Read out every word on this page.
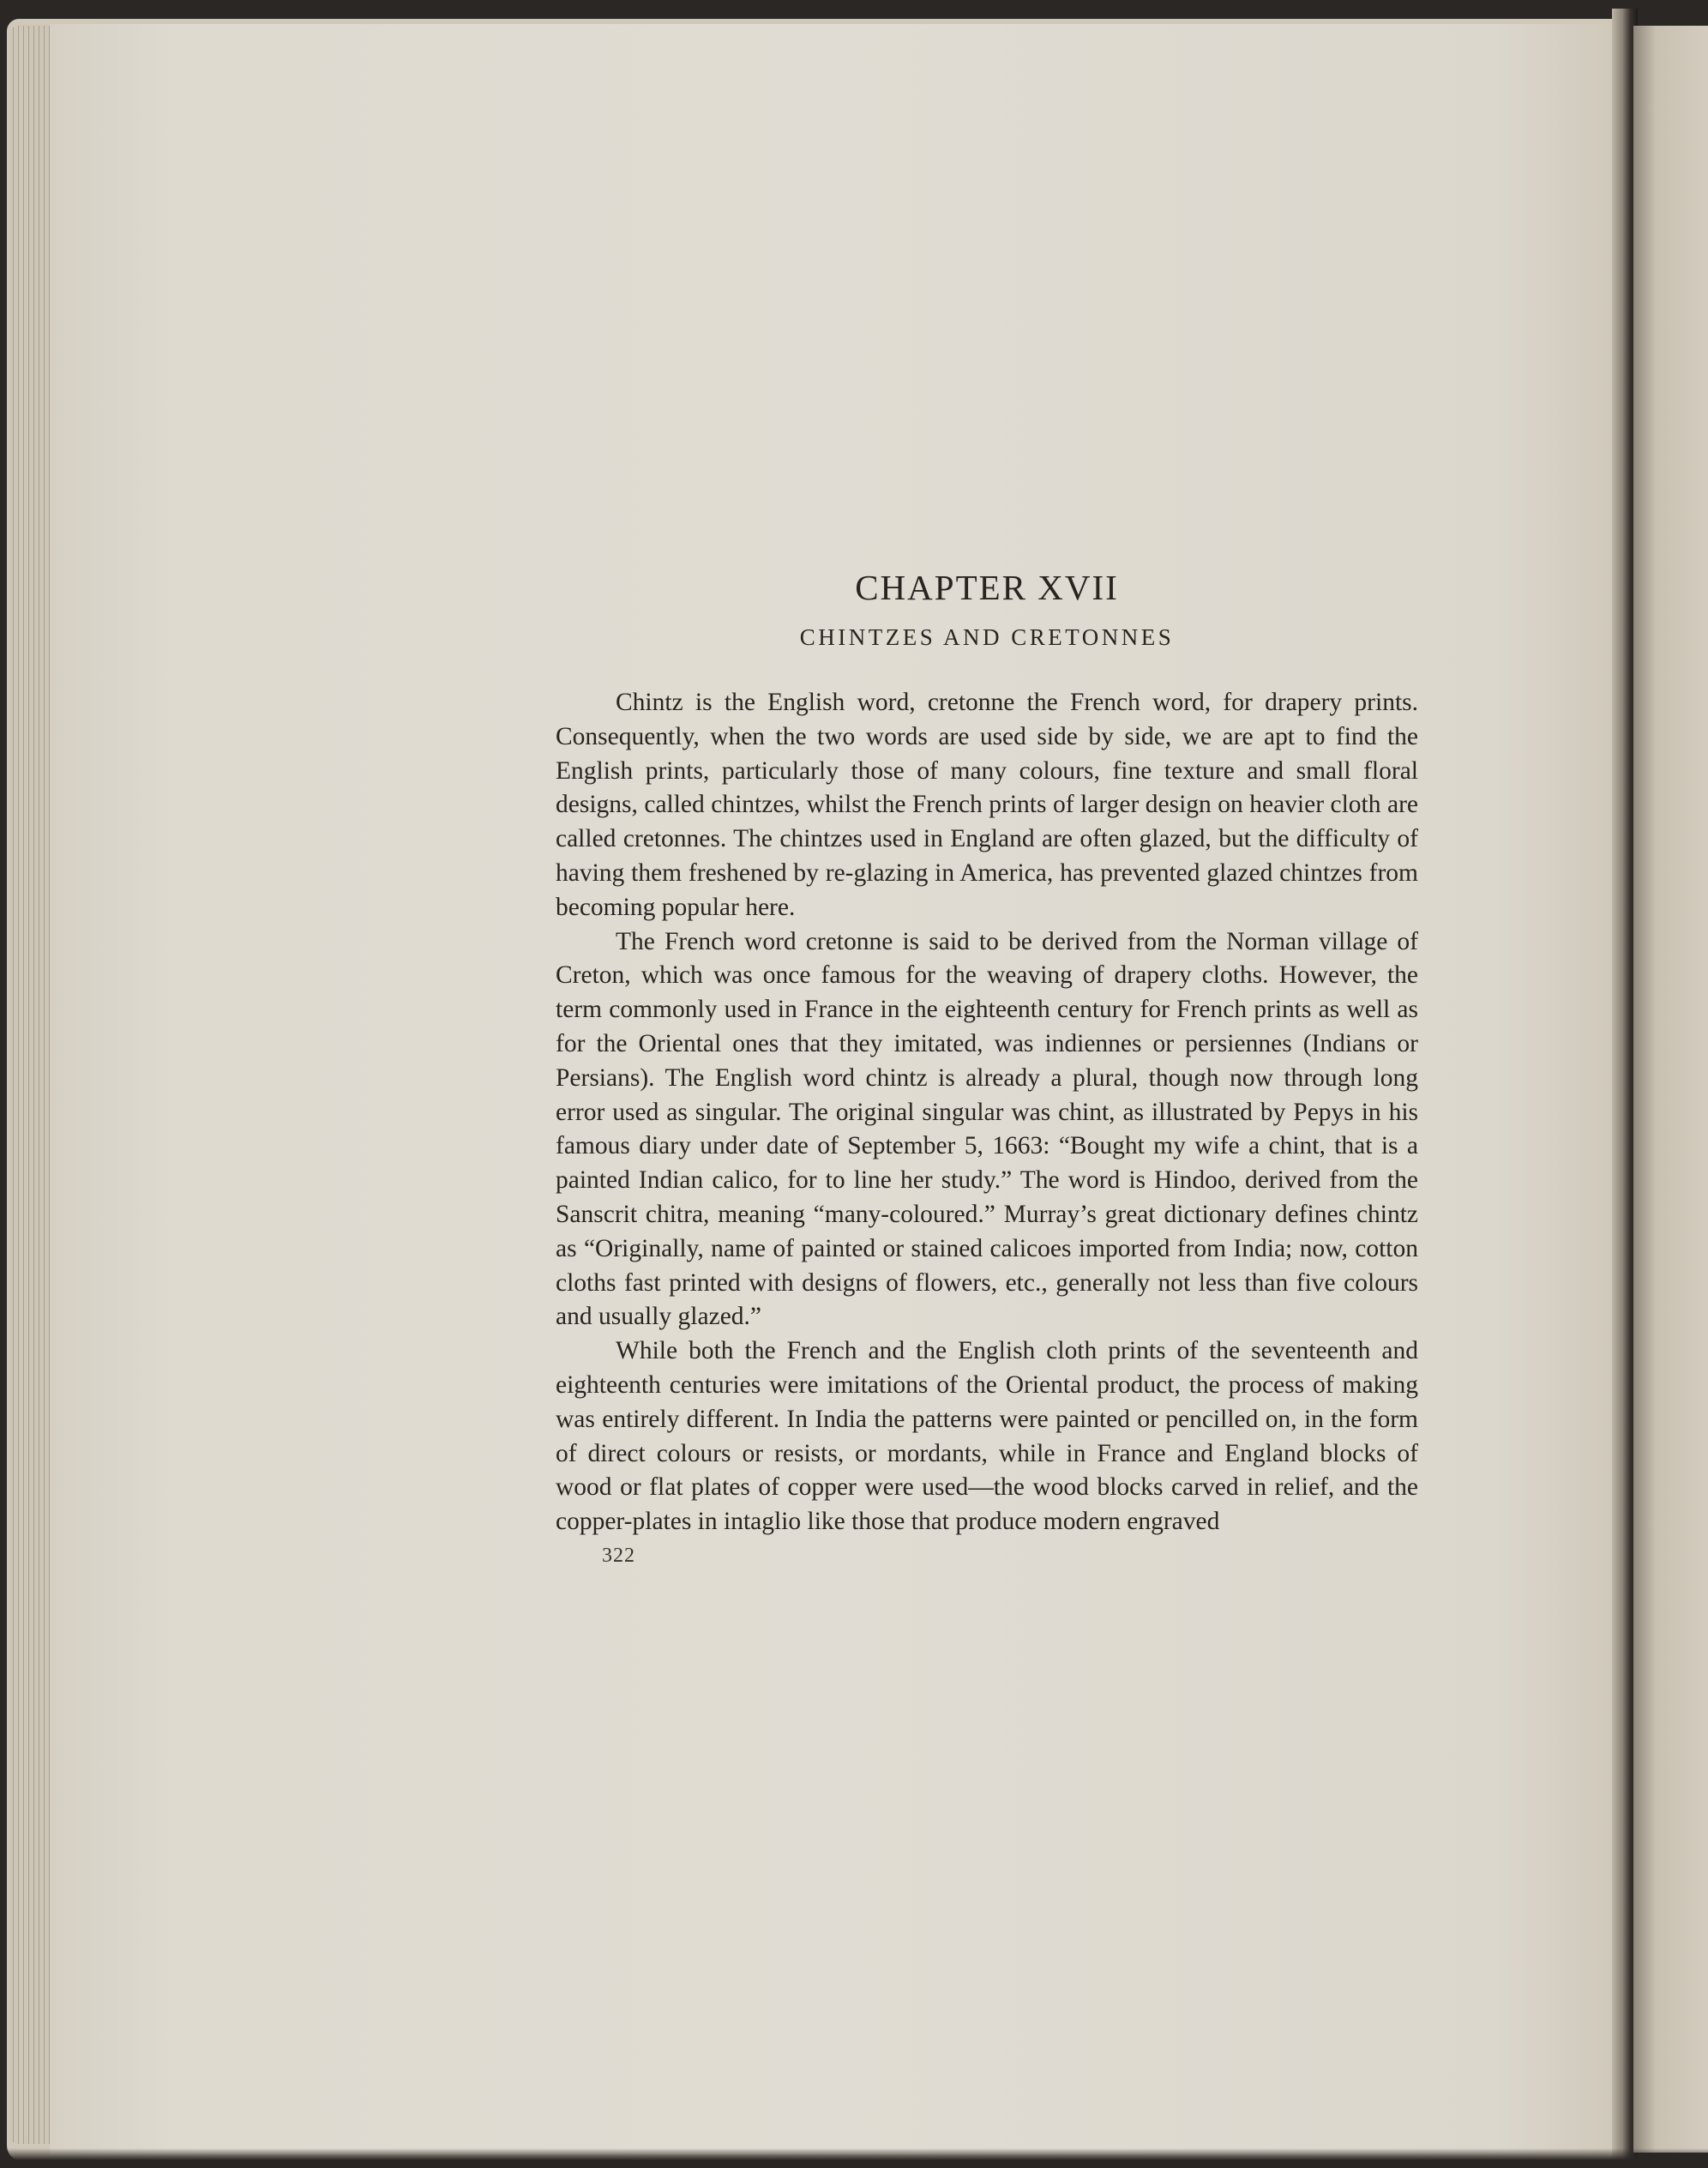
CHAPTER XVII
CHINTZES AND CRETONNES

Chintz is the English word, cretonne the French word, for drapery prints. Consequently, when the two words are used side by side, we are apt to find the English prints, particularly those of many colours, fine texture and small floral designs, called chintzes, whilst the French prints of larger design on heavier cloth are called cretonnes. The chintzes used in England are often glazed, but the difficulty of having them freshened by re-glazing in America, has prevented glazed chintzes from becoming popular here.

The French word cretonne is said to be derived from the Norman village of Creton, which was once famous for the weaving of drapery cloths. However, the term commonly used in France in the eighteenth century for French prints as well as for the Oriental ones that they imitated, was indiennes or persiennes (Indians or Persians). The English word chintz is already a plural, though now through long error used as singular. The original singular was chint, as illustrated by Pepys in his famous diary under date of September 5, 1663: “Bought my wife a chint, that is a painted Indian calico, for to line her study.” The word is Hindoo, derived from the Sanscrit chitra, meaning “many-coloured.” Murray’s great dictionary defines chintz as “Originally, name of painted or stained calicoes imported from India; now, cotton cloths fast printed with designs of flowers, etc., generally not less than five colours and usually glazed.”

While both the French and the English cloth prints of the seventeenth and eighteenth centuries were imitations of the Oriental product, the process of making was entirely different. In India the patterns were painted or pencilled on, in the form of direct colours or resists, or mordants, while in France and England blocks of wood or flat plates of copper were used—the wood blocks carved in relief, and the copper-plates in intaglio like those that produce modern engraved

322
